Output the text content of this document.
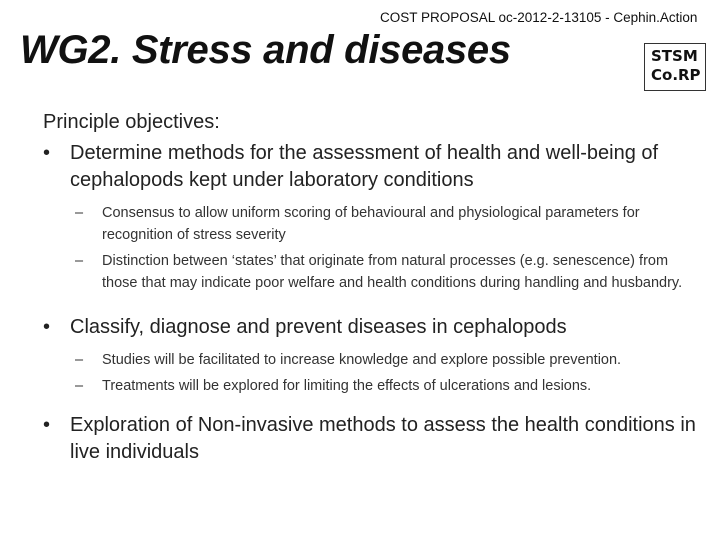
COST PROPOSAL oc-2012-2-13105 - Cephin.Action
WG2. Stress and diseases	STSM
Co.RP
Principle objectives:
• Determine methods for the assessment of health and well-being of cephalopods kept under laboratory conditions
– Consensus to allow uniform scoring of behavioural and physiological parameters for recognition of stress severity
– Distinction between ‘states’ that originate from natural processes (e.g. senescence) from those that may indicate poor welfare and health conditions during handling and husbandry.
• Classify, diagnose and prevent diseases in cephalopods
– Studies will be facilitated to increase knowledge and explore possible prevention.
– Treatments will be explored for limiting the effects of ulcerations and lesions.
• Exploration of Non-invasive methods to assess the health conditions in live individuals
